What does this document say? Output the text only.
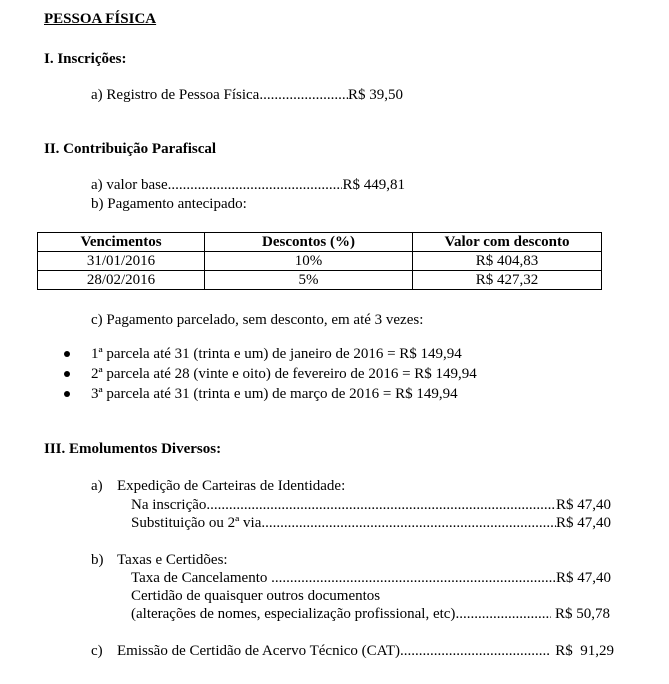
PESSOA FÍSICA
I. Inscrições:
a) Registro de Pessoa Física .....	R$ 39,50
II. Contribuição Parafiscal
a) valor base .....	R$ 449,81
b) Pagamento antecipado:
Vencimentos	Descontos (%)	Valor com desconto
31/01/2016	10%	R$ 404,83
28/02/2016	5%	R$ 427,32
c) Pagamento parcelado, sem desconto, em até 3 vezes:
1ª parcela até 31 (trinta e um) de janeiro de 2016 = R$ 149,94
2ª parcela até 28 (vinte e oito) de fevereiro de 2016 = R$ 149,94
3ª parcela até 31 (trinta e um) de março de 2016 = R$ 149,94
III. Emolumentos Diversos:
a) Expedição de Carteiras de Identidade:
Na inscrição .....	R$ 47,40
Substituição ou 2ª via .....	R$ 47,40
b) Taxas e Certidões:
Taxa de Cancelamento .....	R$ 47,40
Certidão de quaisquer outros documentos
(alterações de nomes, especialização profissional, etc) .....	R$ 50,78
c) Emissão de Certidão de Acervo Técnico (CAT) .....	R$  91,29
